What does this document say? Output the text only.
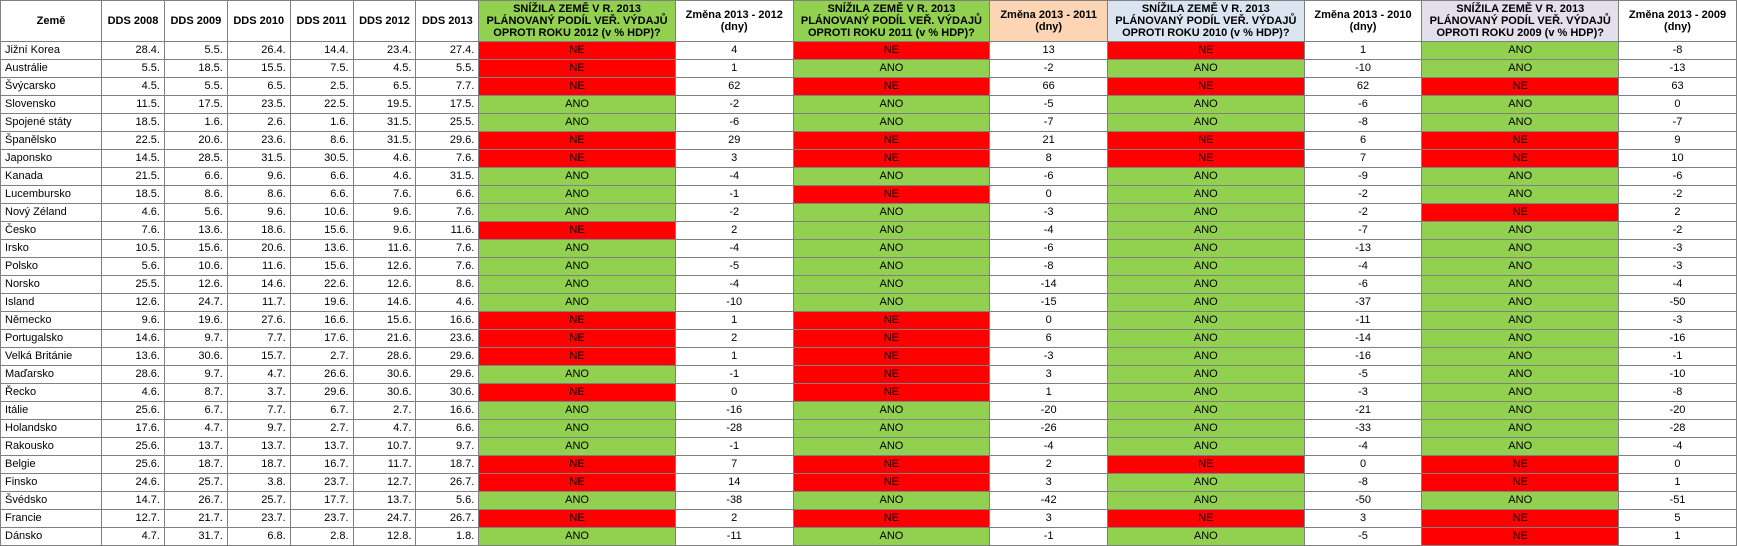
Země	DDS 2008	DDS 2009	DDS 2010	DDS 2011	DDS 2012	DDS 2013	SNÍŽILA ZEMĚ V R. 2013 PLÁNOVANÝ PODÍL VEŘ. VÝDAJŮ OPROTI ROKU 2012 (v % HDP)?	Změna 2013 - 2012 (dny)	SNÍŽILA ZEMĚ V R. 2013 PLÁNOVANÝ PODÍL VEŘ. VÝDAJŮ OPROTI ROKU 2011 (v % HDP)?	Změna 2013 - 2011 (dny)	SNÍŽILA ZEMĚ V R. 2013 PLÁNOVANÝ PODÍL VEŘ. VÝDAJŮ OPROTI ROKU 2010 (v % HDP)?	Změna 2013 - 2010 (dny)	SNÍŽILA ZEMĚ V R. 2013 PLÁNOVANÝ PODÍL VEŘ. VÝDAJŮ OPROTI ROKU 2009 (v % HDP)?	Změna 2013 - 2009 (dny)
Jižní Korea	28.4.	5.5.	26.4.	14.4.	23.4.	27.4.	NE	4	NE	13	NE	1	ANO	-8
Austrálie	5.5.	18.5.	15.5.	7.5.	4.5.	5.5.	NE	1	ANO	-2	ANO	-10	ANO	-13
Švýcarsko	4.5.	5.5.	6.5.	2.5.	6.5.	7.7.	NE	62	NE	66	NE	62	NE	63
Slovensko	11.5.	17.5.	23.5.	22.5.	19.5.	17.5.	ANO	-2	ANO	-5	ANO	-6	ANO	0
Spojené státy	18.5.	1.6.	2.6.	1.6.	31.5.	25.5.	ANO	-6	ANO	-7	ANO	-8	ANO	-7
Španělsko	22.5.	20.6.	23.6.	8.6.	31.5.	29.6.	NE	29	NE	21	NE	6	NE	9
Japonsko	14.5.	28.5.	31.5.	30.5.	4.6.	7.6.	NE	3	NE	8	NE	7	NE	10
Kanada	21.5.	6.6.	9.6.	6.6.	4.6.	31.5.	ANO	-4	ANO	-6	ANO	-9	ANO	-6
Lucembursko	18.5.	8.6.	8.6.	6.6.	7.6.	6.6.	ANO	-1	NE	0	ANO	-2	ANO	-2
Nový Zéland	4.6.	5.6.	9.6.	10.6.	9.6.	7.6.	ANO	-2	ANO	-3	ANO	-2	NE	2
Česko	7.6.	13.6.	18.6.	15.6.	9.6.	11.6.	NE	2	ANO	-4	ANO	-7	ANO	-2
Irsko	10.5.	15.6.	20.6.	13.6.	11.6.	7.6.	ANO	-4	ANO	-6	ANO	-13	ANO	-3
Polsko	5.6.	10.6.	11.6.	15.6.	12.6.	7.6.	ANO	-5	ANO	-8	ANO	-4	ANO	-3
Norsko	25.5.	12.6.	14.6.	22.6.	12.6.	8.6.	ANO	-4	ANO	-14	ANO	-6	ANO	-4
Island	12.6.	24.7.	11.7.	19.6.	14.6.	4.6.	ANO	-10	ANO	-15	ANO	-37	ANO	-50
Německo	9.6.	19.6.	27.6.	16.6.	15.6.	16.6.	NE	1	NE	0	ANO	-11	ANO	-3
Portugalsko	14.6.	9.7.	7.7.	17.6.	21.6.	23.6.	NE	2	NE	6	ANO	-14	ANO	-16
Velká Británie	13.6.	30.6.	15.7.	2.7.	28.6.	29.6.	NE	1	NE	-3	ANO	-16	ANO	-1
Maďarsko	28.6.	9.7.	4.7.	26.6.	30.6.	29.6.	ANO	-1	NE	3	ANO	-5	ANO	-10
Řecko	4.6.	8.7.	3.7.	29.6.	30.6.	30.6.	NE	0	NE	1	ANO	-3	ANO	-8
Itálie	25.6.	6.7.	7.7.	6.7.	2.7.	16.6.	ANO	-16	ANO	-20	ANO	-21	ANO	-20
Holandsko	17.6.	4.7.	9.7.	2.7.	4.7.	6.6.	ANO	-28	ANO	-26	ANO	-33	ANO	-28
Rakousko	25.6.	13.7.	13.7.	13.7.	10.7.	9.7.	ANO	-1	ANO	-4	ANO	-4	ANO	-4
Belgie	25.6.	18.7.	18.7.	16.7.	11.7.	18.7.	NE	7	NE	2	NE	0	NE	0
Finsko	24.6.	25.7.	3.8.	23.7.	12.7.	26.7.	NE	14	NE	3	ANO	-8	NE	1
Švédsko	14.7.	26.7.	25.7.	17.7.	13.7.	5.6.	ANO	-38	ANO	-42	ANO	-50	ANO	-51
Francie	12.7.	21.7.	23.7.	23.7.	24.7.	26.7.	NE	2	NE	3	NE	3	NE	5
Dánsko	4.7.	31.7.	6.8.	2.8.	12.8.	1.8.	ANO	-11	ANO	-1	ANO	-5	NE	1
